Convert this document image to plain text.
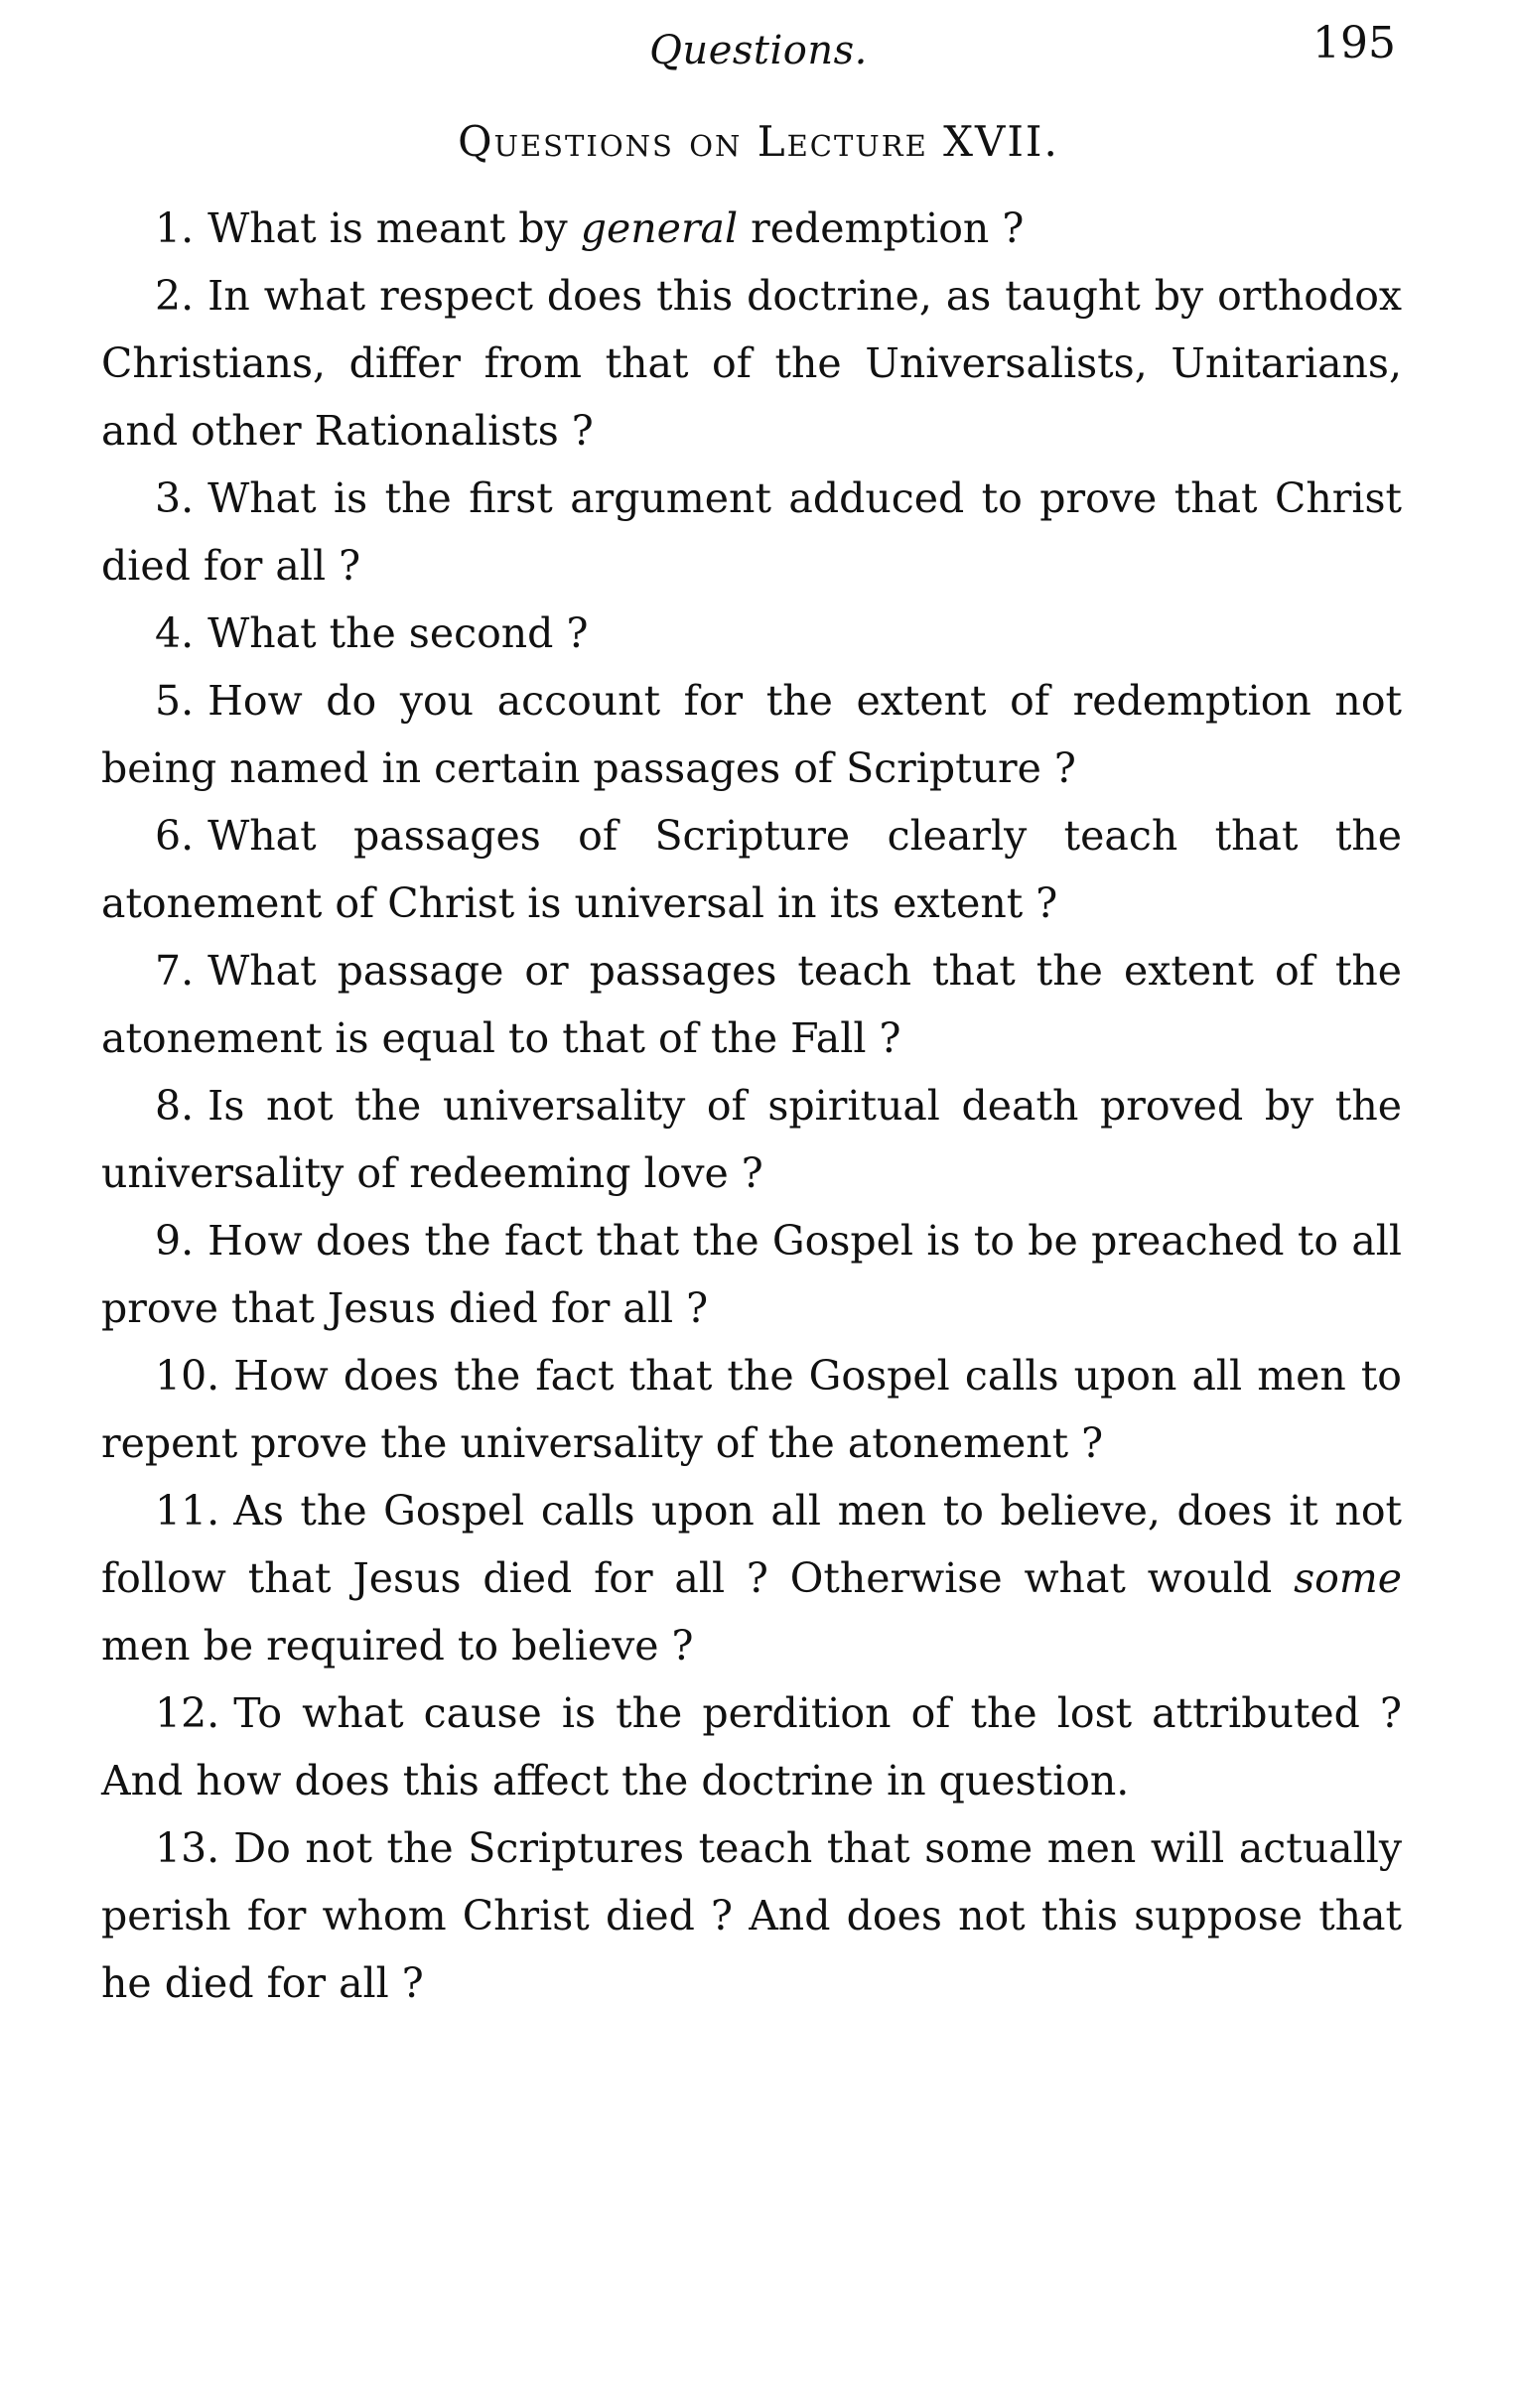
Questions.	195
Questions on Lecture XVII.

1. What is meant by general redemption ?

2. In what respect does this doctrine, as taught by orthodox Christians, differ from that of the Universalists, Unitarians, and other Rationalists ?

3. What is the first argument adduced to prove that Christ died for all ?

4. What the second ?

5. How do you account for the extent of redemption not being named in certain passages of Scripture ?

6. What passages of Scripture clearly teach that the atonement of Christ is universal in its extent ?

7. What passage or passages teach that the extent of the atonement is equal to that of the Fall ?

8. Is not the universality of spiritual death proved by the universality of redeeming love ?

9. How does the fact that the Gospel is to be preached to all prove that Jesus died for all ?

10. How does the fact that the Gospel calls upon all men to repent prove the universality of the atonement ?

11. As the Gospel calls upon all men to believe, does it not follow that Jesus died for all ? Otherwise what would some men be required to believe ?

12. To what cause is the perdition of the lost attributed ? And how does this affect the doctrine in question.

13. Do not the Scriptures teach that some men will actually perish for whom Christ died ? And does not this suppose that he died for all ?
